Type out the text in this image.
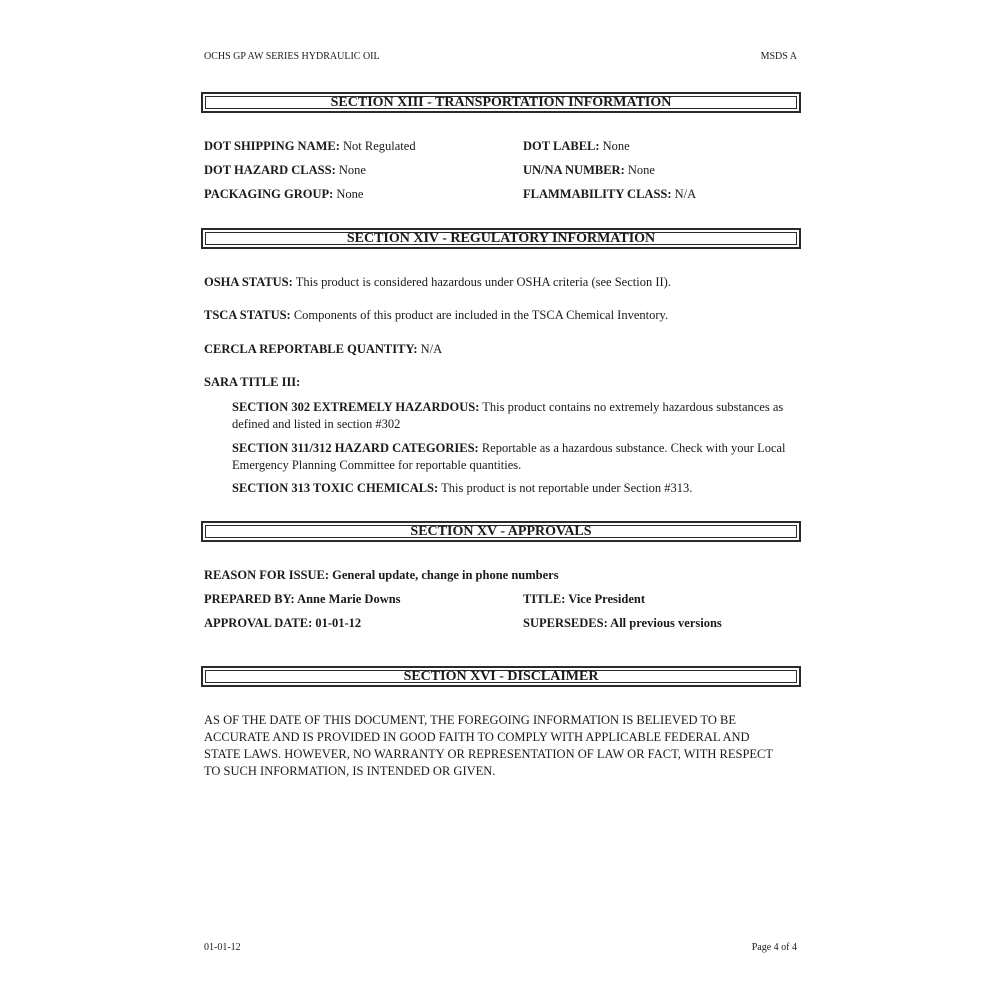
OCHS GP AW SERIES HYDRAULIC OIL	MSDS A
SECTION XIII - TRANSPORTATION INFORMATION
DOT SHIPPING NAME: Not Regulated	DOT LABEL: None
DOT HAZARD CLASS: None	UN/NA NUMBER: None
PACKAGING GROUP: None	FLAMMABILITY CLASS: N/A
SECTION XIV - REGULATORY INFORMATION
OSHA STATUS: This product is considered hazardous under OSHA criteria (see Section II).
TSCA STATUS: Components of this product are included in the TSCA Chemical Inventory.
CERCLA REPORTABLE QUANTITY: N/A
SARA TITLE III:
SECTION 302 EXTREMELY HAZARDOUS: This product contains no extremely hazardous substances as defined and listed in section #302
SECTION 311/312 HAZARD CATEGORIES: Reportable as a hazardous substance. Check with your Local Emergency Planning Committee for reportable quantities.
SECTION 313 TOXIC CHEMICALS: This product is not reportable under Section #313.
SECTION XV - APPROVALS
REASON FOR ISSUE: General update, change in phone numbers
PREPARED BY: Anne Marie Downs	TITLE: Vice President
APPROVAL DATE: 01-01-12	SUPERSEDES: All previous versions
SECTION XVI - DISCLAIMER
AS OF THE DATE OF THIS DOCUMENT, THE FOREGOING INFORMATION IS BELIEVED TO BE ACCURATE AND IS PROVIDED IN GOOD FAITH TO COMPLY WITH APPLICABLE FEDERAL AND STATE LAWS. HOWEVER, NO WARRANTY OR REPRESENTATION OF LAW OR FACT, WITH RESPECT TO SUCH INFORMATION, IS INTENDED OR GIVEN.
01-01-12	Page 4 of 4
